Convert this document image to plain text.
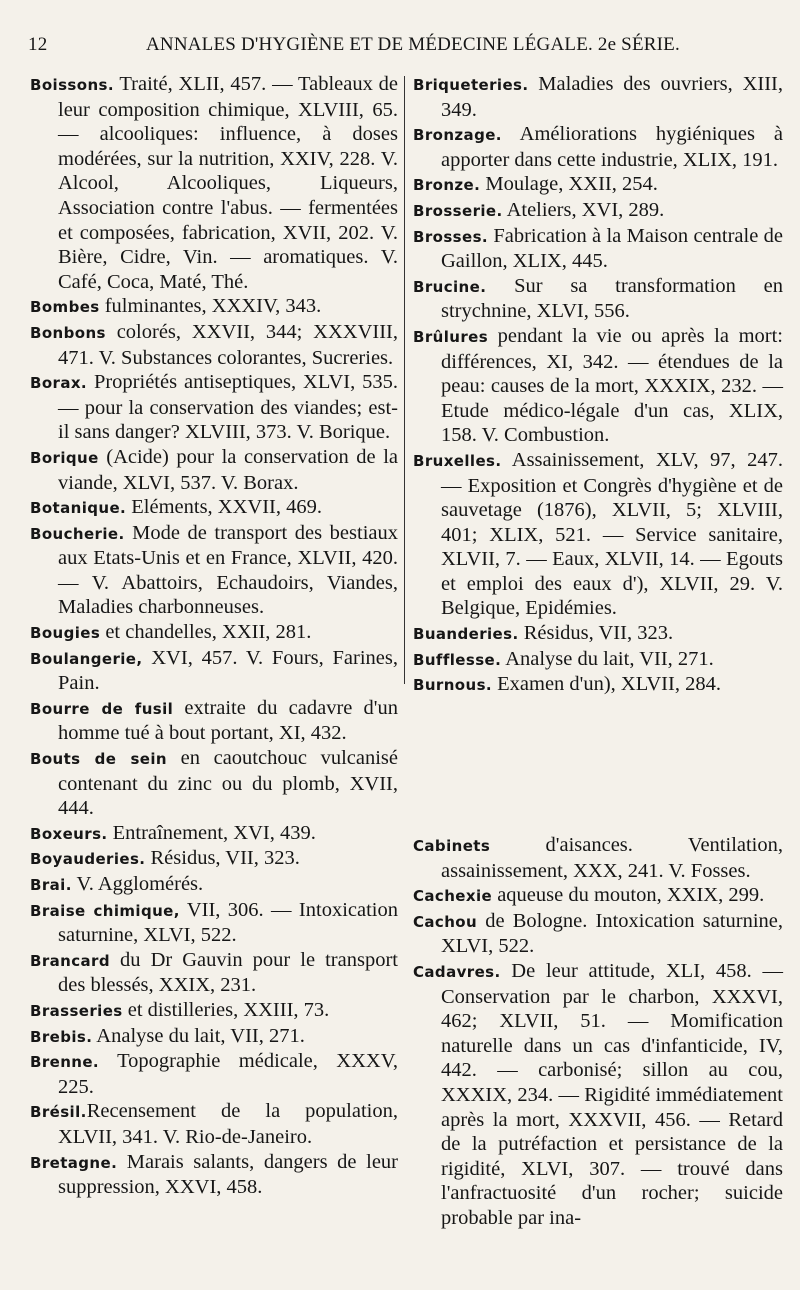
12	ANNALES D'HYGIÈNE ET DE MÉDECINE LÉGALE. 2e SÉRIE.

Boissons. Traité, XLII, 457. — Tableaux de leur composition chimique, XLVIII, 65. — alcooliques: influence, à doses modérées, sur la nutrition, XXIV, 228. V. Alcool, Alcooliques, Liqueurs, Association contre l'abus. — fermentées et composées, fabrication, XVII, 202. V. Bière, Cidre, Vin. — aromatiques. V. Café, Coca, Maté, Thé.

Bombes fulminantes, XXXIV, 343.

Bonbons colorés, XXVII, 344; XXXVIII, 471. V. Substances colorantes, Sucreries.

Borax. Propriétés antiseptiques, XLVI, 535. — pour la conservation des viandes; est-il sans danger? XLVIII, 373. V. Borique.

Borique (Acide) pour la conservation de la viande, XLVI, 537. V. Borax.

Botanique. Eléments, XXVII, 469.

Boucherie. Mode de transport des bestiaux aux Etats-Unis et en France, XLVII, 420. — V. Abattoirs, Echaudoirs, Viandes, Maladies charbonneuses.

Bougies et chandelles, XXII, 281.

Boulangerie, XVI, 457. V. Fours, Farines, Pain.

Bourre de fusil extraite du cadavre d'un homme tué à bout portant, XI, 432.

Bouts de sein en caoutchouc vulcanisé contenant du zinc ou du plomb, XVII, 444.

Boxeurs. Entraînement, XVI, 439.

Boyauderies. Résidus, VII, 323.

Brai. V. Agglomérés.

Braise chimique, VII, 306. — Intoxication saturnine, XLVI, 522.

Brancard du Dr Gauvin pour le transport des blessés, XXIX, 231.

Brasseries et distilleries, XXIII, 73.

Brebis. Analyse du lait, VII, 271.

Brenne. Topographie médicale, XXXV, 225.

Brésil.Recensement de la population, XLVII, 341. V. Rio-de-Janeiro.

Bretagne. Marais salants, dangers de leur suppression, XXVI, 458.

Briqueteries. Maladies des ouvriers, XIII, 349.

Bronzage. Améliorations hygiéniques à apporter dans cette industrie, XLIX, 191.

Bronze. Moulage, XXII, 254.

Brosserie. Ateliers, XVI, 289.

Brosses. Fabrication à la Maison centrale de Gaillon, XLIX, 445.

Brucine. Sur sa transformation en strychnine, XLVI, 556.

Brûlures pendant la vie ou après la mort: différences, XI, 342. — étendues de la peau: causes de la mort, XXXIX, 232. — Etude médico-légale d'un cas, XLIX, 158. V. Combustion.

Bruxelles. Assainissement, XLV, 97, 247. — Exposition et Congrès d'hygiène et de sauvetage (1876), XLVII, 5; XLVIII, 401; XLIX, 521. — Service sanitaire, XLVII, 7. — Eaux, XLVII, 14. — Egouts et emploi des eaux d'), XLVII, 29. V. Belgique, Epidémies.

Buanderies. Résidus, VII, 323.

Bufflesse. Analyse du lait, VII, 271.

Burnous. Examen d'un), XLVII, 284.

Cabinets d'aisances. Ventilation, assainissement, XXX, 241. V. Fosses.

Cachexie aqueuse du mouton, XXIX, 299.

Cachou de Bologne. Intoxication saturnine, XLVI, 522.

Cadavres. De leur attitude, XLI, 458. — Conservation par le charbon, XXXVI, 462; XLVII, 51. — Momification naturelle dans un cas d'infanticide, IV, 442. — carbonisé; sillon au cou, XXXIX, 234. — Rigidité immédiatement après la mort, XXXVII, 456. — Retard de la putréfaction et persistance de la rigidité, XLVI, 307. — trouvé dans l'anfractuosité d'un rocher; suicide probable par ina-
